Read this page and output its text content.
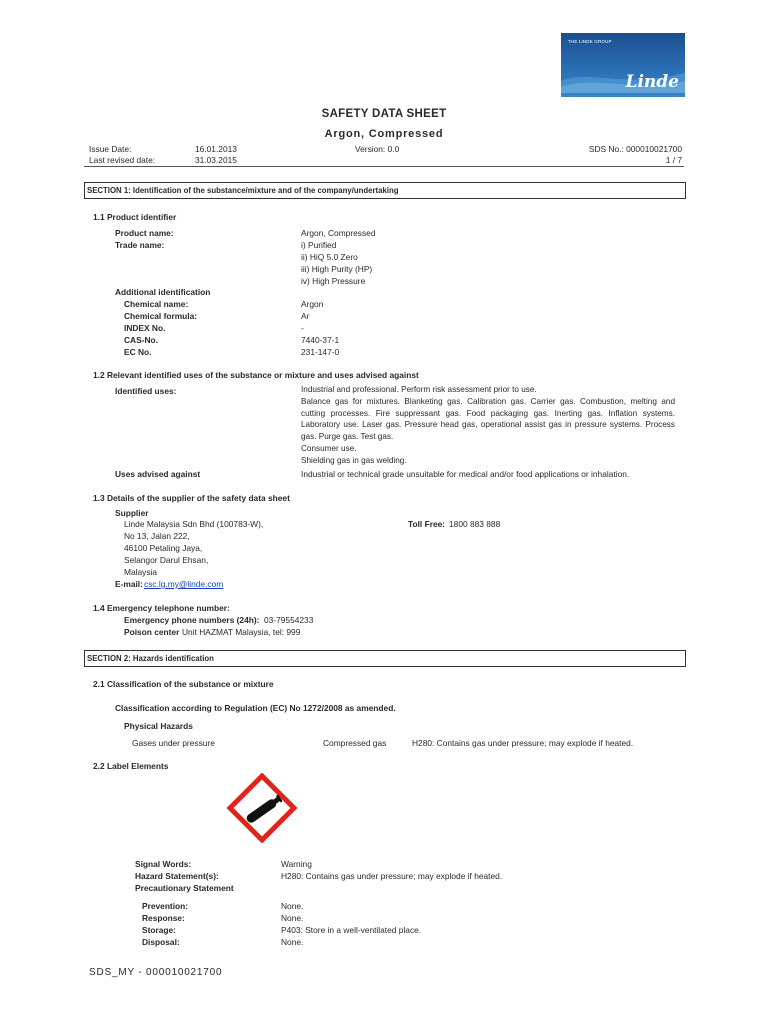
THE LINDE GROUP
Linde
SAFETY DATA SHEET
Argon, Compressed
Issue Date:	16.01.2013	Version: 0.0	SDS No.: 000010021700
Last revised date:	31.03.2015	1 / 7
SECTION 1: Identification of the substance/mixture and of the company/undertaking
1.1 Product identifier
Product name:	Argon, Compressed
Trade name:	i) Purified
ii) HiQ 5.0 Zero
iii) High Purity (HP)
iv) High Pressure
Additional identification
Chemical name:	Argon
Chemical formula:	Ar
INDEX No.	-
CAS-No.	7440-37-1
EC No.	231-147-0
1.2 Relevant identified uses of the substance or mixture and uses advised against
Identified uses:	Industrial and professional. Perform risk assessment prior to use.
Balance gas for mixtures. Blanketing gas. Calibration gas. Carrier gas. Combustion, melting and cutting processes. Fire suppressant gas. Food packaging gas. Inerting gas. Inflation systems. Laboratory use. Laser gas. Pressure head gas, operational assist gas in pressure systems. Process gas. Purge gas. Test gas.
Consumer use.
Shielding gas in gas welding.
Uses advised against	Industrial or technical grade unsuitable for medical and/or food applications or inhalation.
1.3 Details of the supplier of the safety data sheet
Supplier
Linde Malaysia Sdn Bhd (100783-W),
No 13, Jalan 222,
46100 Petaling Jaya,
Selangor Darul Ehsan,
Malaysia
Toll Free: 1800 883 888
E-mail: csc.lg.my@linde.com
1.4 Emergency telephone number:
Emergency phone numbers (24h): 03-79554233
Poison center Unit HAZMAT Malaysia, tel: 999
SECTION 2: Hazards identification
2.1 Classification of the substance or mixture
Classification according to Regulation (EC) No 1272/2008 as amended.
Physical Hazards
Gases under pressure	Compressed gas	H280: Contains gas under pressure; may explode if heated.
2.2 Label Elements
Signal Words:	Warning
Hazard Statement(s):	H280: Contains gas under pressure; may explode if heated.
Precautionary Statement
Prevention:	None.
Response:	None.
Storage:	P403: Store in a well-ventilated place.
Disposal:	None.
SDS_MY - 000010021700
